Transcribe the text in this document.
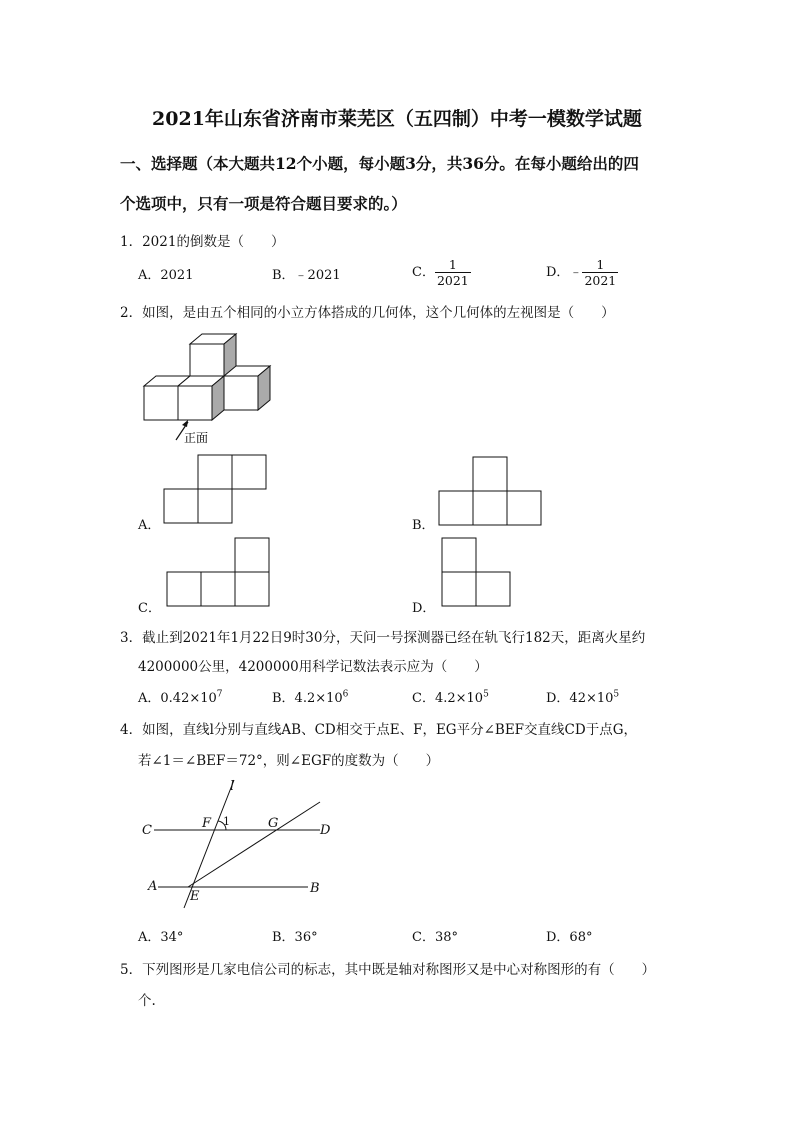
2021年山东省济南市莱芜区（五四制）中考一模数学试题
一、选择题（本大题共12个小题，每小题3分，共36分。在每小题给出的四
个选项中，只有一项是符合题目要求的。）
1．2021的倒数是（　　）
A．2021	B．﹣2021	C． $\frac{1}{2021}$	D．﹣ $\frac{1}{2021}$
2．如图，是由五个相同的小立方体搭成的几何体，这个几何体的左视图是（　　）
正面
A．	B．
C．	D．
3．截止到2021年1月22日9时30分，天问一号探测器已经在轨飞行182天，距离火星约
4200000公里，4200000用科学记数法表示应为（　　）
A．$0.42\times 10^7$	B．$4.2\times 10^6$	C．$4.2\times 10^5$	D．$42\times 10^5$
4．如图，直线l分别与直线AB、CD相交于点E、F，EG平分∠BEF交直线CD于点G，
若∠1＝∠BEF＝72°，则∠EGF的度数为（　　）
l
C	F	G	D
A
E
B
1
A．34°	B．36°	C．38°	D．68°
5．下列图形是几家电信公司的标志，其中既是轴对称图形又是中心对称图形的有（　　）
个.
